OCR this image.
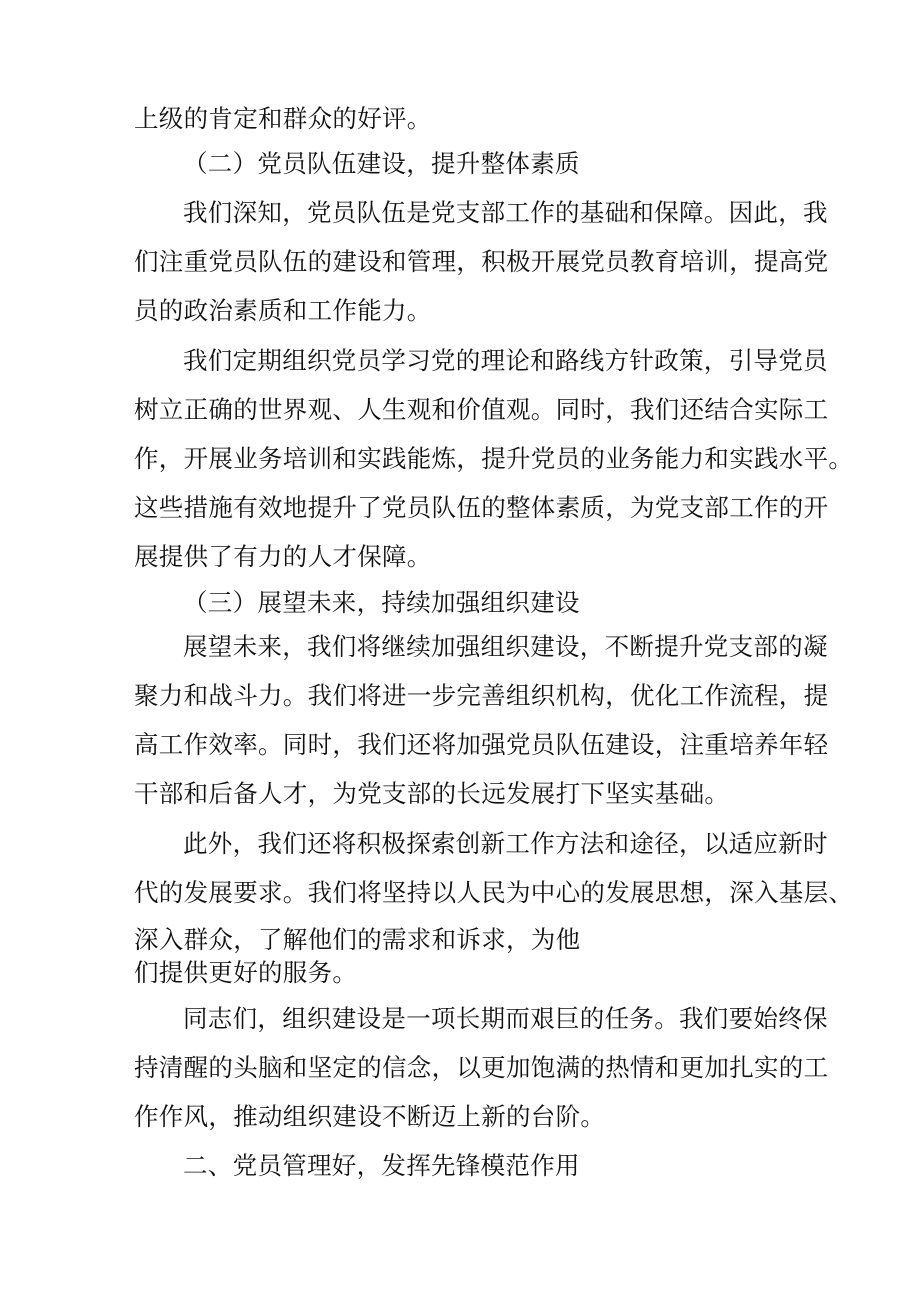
上级的肯定和群众的好评。
（二）党员队伍建设，提升整体素质
我们深知，党员队伍是党支部工作的基础和保障。因此，我
们注重党员队伍的建设和管理，积极开展党员教育培训，提高党
员的政治素质和工作能力。
我们定期组织党员学习党的理论和路线方针政策，引导党员
树立正确的世界观、人生观和价值观。同时，我们还结合实际工
作，开展业务培训和实践能炼，提升党员的业务能力和实践水平。
这些措施有效地提升了党员队伍的整体素质，为党支部工作的开
展提供了有力的人才保障。
（三）展望未来，持续加强组织建设
展望未来，我们将继续加强组织建设，不断提升党支部的凝
聚力和战斗力。我们将进一步完善组织机构，优化工作流程，提
高工作效率。同时，我们还将加强党员队伍建设，注重培养年轻
干部和后备人才，为党支部的长远发展打下坚实基础。
此外，我们还将积极探索创新工作方法和途径，以适应新时
代的发展要求。我们将坚持以人民为中心的发展思想，深入基层、
深入群众，了解他们的需求和诉求，为他
们提供更好的服务。
同志们，组织建设是一项长期而艰巨的任务。我们要始终保
持清醒的头脑和坚定的信念，以更加饱满的热情和更加扎实的工
作作风，推动组织建设不断迈上新的台阶。
二、党员管理好，发挥先锋模范作用
